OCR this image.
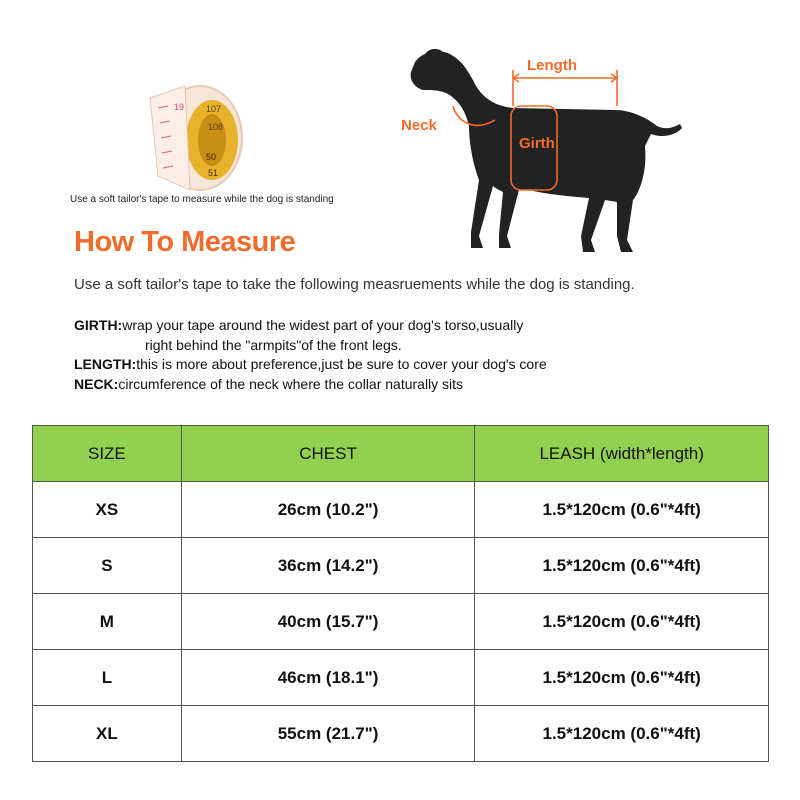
19 107
108
50
51
Use a soft tailor's tape to measure while the dog is standing
Length
Neck
Girth
How To Measure
Use a soft tailor's tape to take the following measruements while the dog is standing.
GIRTH:wrap your tape around the widest part of your dog's torso,usually
right behind the "armpits"of the front legs.
LENGTH:this is more about preference,just be sure to cover your dog's core
NECK:circumference of the neck where the collar naturally sits
SIZE	CHEST	LEASH (width*length)
XS	26cm (10.2")	1.5*120cm (0.6"*4ft)
S	36cm (14.2")	1.5*120cm (0.6"*4ft)
M	40cm (15.7")	1.5*120cm (0.6"*4ft)
L	46cm (18.1")	1.5*120cm (0.6"*4ft)
XL	55cm (21.7")	1.5*120cm (0.6"*4ft)
